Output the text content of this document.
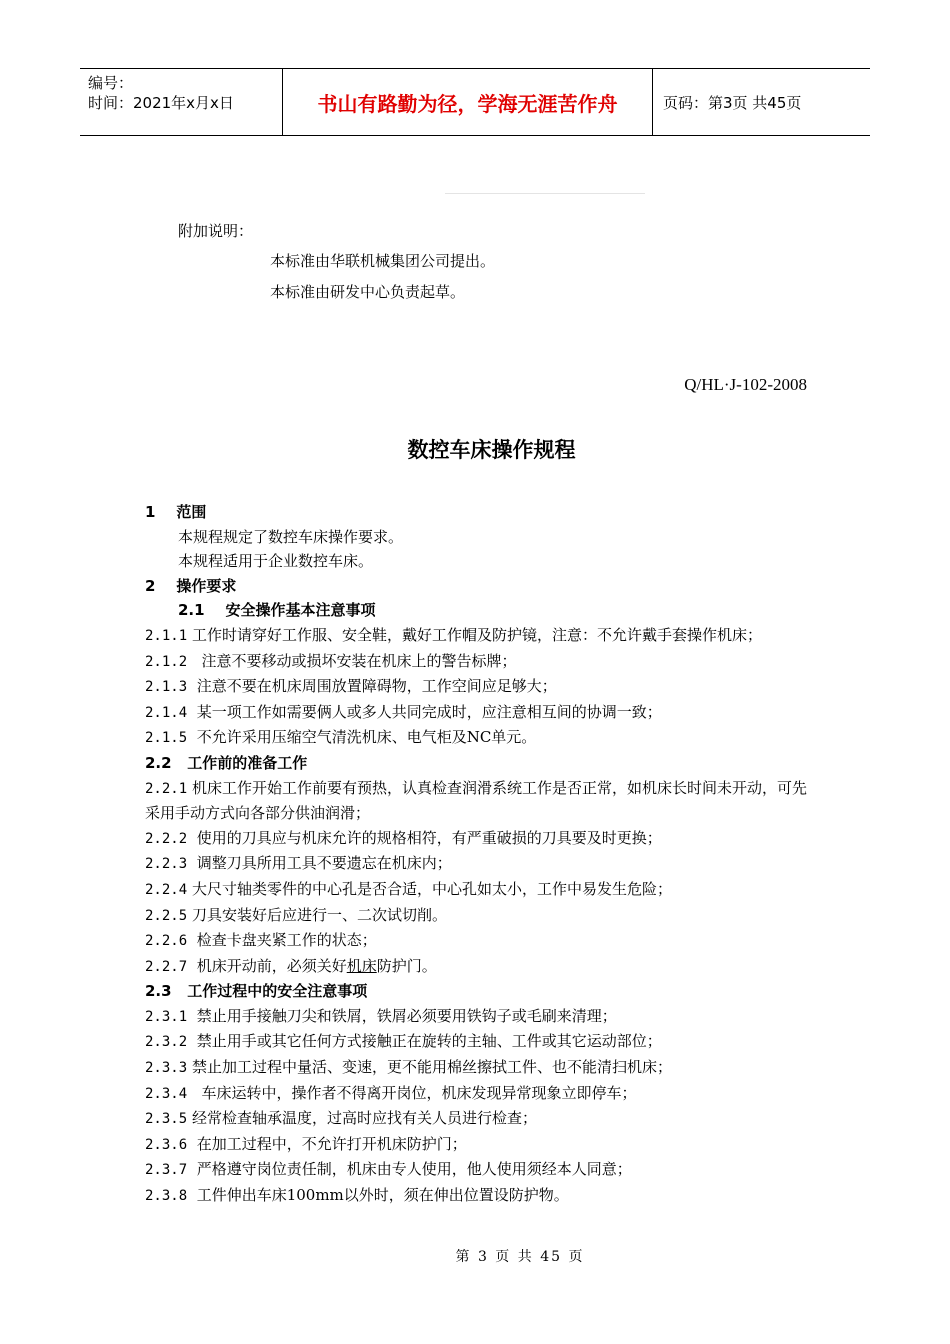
编号：
时间：2021年x月x日	书山有路勤为径，学海无涯苦作舟	页码：第3页 共45页
附加说明：
本标准由华联机械集团公司提出。
本标准由研发中心负责起草。
Q/HL·J-102-2008
数控车床操作规程

1 范围

本规程规定了数控车床操作要求。

本规程适用于企业数控车床。

2 操作要求

2.1 安全操作基本注意事项

2.1.1 工作时请穿好工作服、安全鞋，戴好工作帽及防护镜，注意：不允许戴手套操作机床；

2.1.2 注意不要移动或损坏安装在机床上的警告标牌；

2.1.3 注意不要在机床周围放置障碍物，工作空间应足够大；

2.1.4 某一项工作如需要俩人或多人共同完成时，应注意相互间的协调一致；

2.1.5 不允许采用压缩空气清洗机床、电气柜及NC单元。

2.2 工作前的准备工作

2.2.1 机床工作开始工作前要有预热，认真检查润滑系统工作是否正常，如机床长时间未开动，可先采用手动方式向各部分供油润滑；

2.2.2 使用的刀具应与机床允许的规格相符，有严重破损的刀具要及时更换；

2.2.3 调整刀具所用工具不要遗忘在机床内；

2.2.4 大尺寸轴类零件的中心孔是否合适，中心孔如太小，工作中易发生危险；

2.2.5 刀具安装好后应进行一、二次试切削。

2.2.6 检查卡盘夹紧工作的状态；

2.2.7 机床开动前，必须关好机床防护门。

2.3 工作过程中的安全注意事项

2.3.1 禁止用手接触刀尖和铁屑，铁屑必须要用铁钩子或毛刷来清理；

2.3.2 禁止用手或其它任何方式接触正在旋转的主轴、工件或其它运动部位；

2.3.3 禁止加工过程中量活、变速，更不能用棉丝擦拭工件、也不能清扫机床；

2.3.4 车床运转中，操作者不得离开岗位，机床发现异常现象立即停车；

2.3.5 经常检查轴承温度，过高时应找有关人员进行检查；

2.3.6 在加工过程中，不允许打开机床防护门；

2.3.7 严格遵守岗位责任制，机床由专人使用，他人使用须经本人同意；

2.3.8 工件伸出车床100mm以外时，须在伸出位置设防护物。

第 3 页 共 45 页
